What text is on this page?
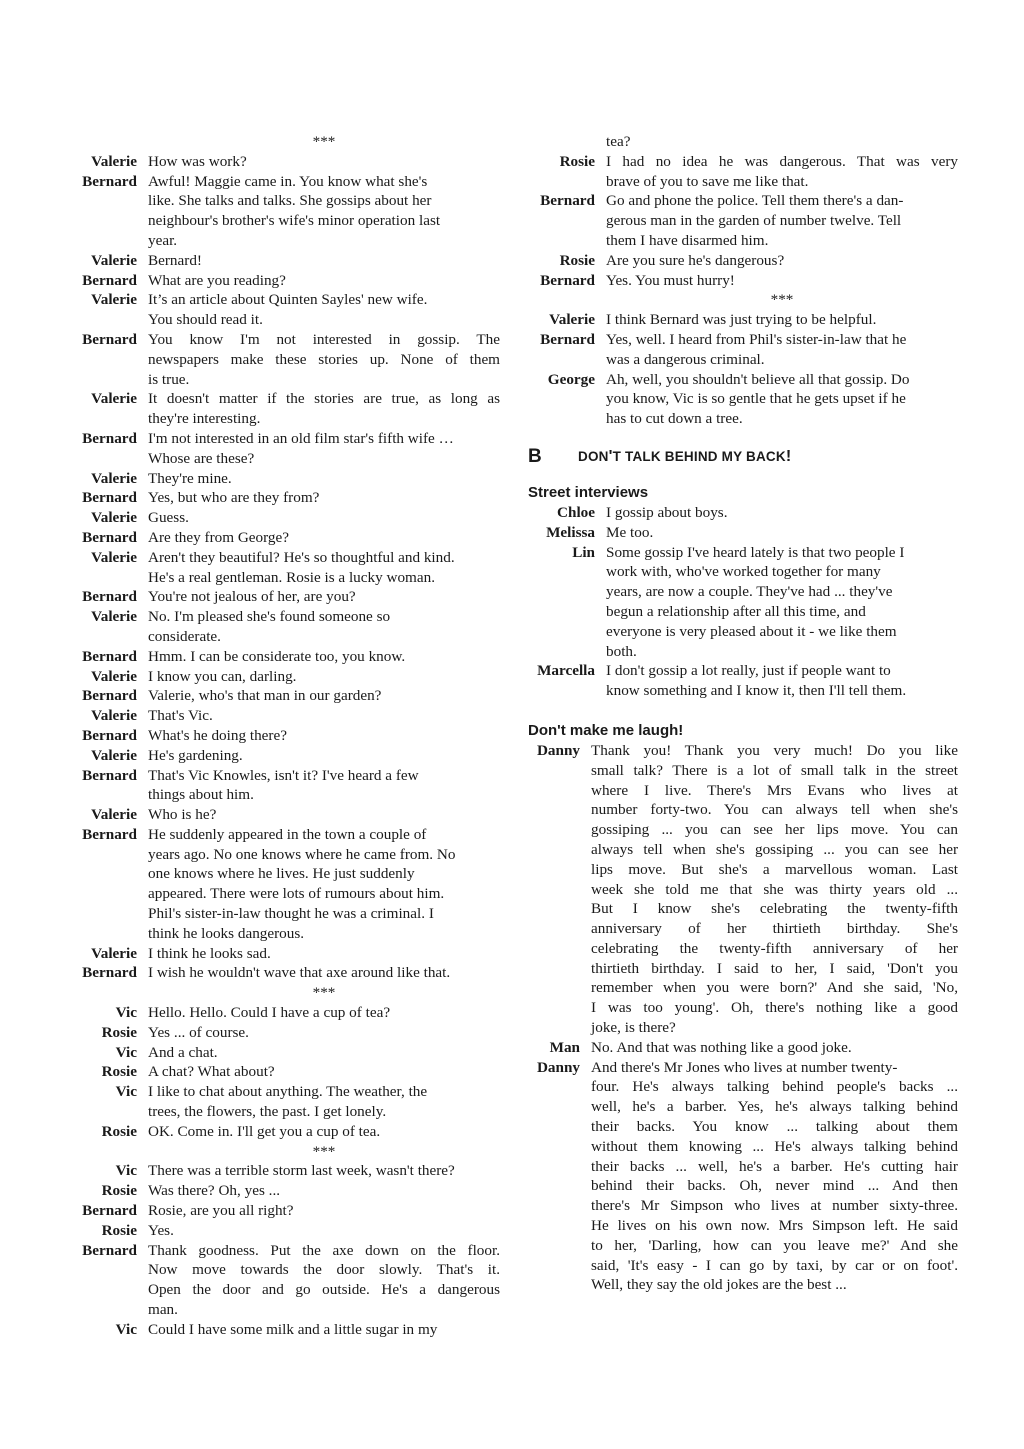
***
Valerie How was work?
Bernard Awful! Maggie came in. You know what she's
like. She talks and talks. She gossips about her
neighbour's brother's wife's minor operation last
year.
Valerie Bernard!
Bernard What are you reading?
Valerie It’s an article about Quinten Sayles' new wife.
You should read it.
Bernard You know I'm not interested in gossip. The
newspapers make these stories up. None of them
is true.
Valerie It doesn't matter if the stories are true, as long as
they're interesting.
Bernard I'm not interested in an old film star's fifth wife …
Whose are these?
Valerie They're mine.
Bernard Yes, but who are they from?
Valerie Guess.
Bernard Are they from George?
Valerie Aren't they beautiful? He's so thoughtful and kind.
He's a real gentleman. Rosie is a lucky woman.
Bernard You're not jealous of her, are you?
Valerie No. I'm pleased she's found someone so
considerate.
Bernard Hmm. I can be considerate too, you know.
Valerie I know you can, darling.
Bernard Valerie, who's that man in our garden?
Valerie That's Vic.
Bernard What's he doing there?
Valerie He's gardening.
Bernard That's Vic Knowles, isn't it? I've heard a few
things about him.
Valerie Who is he?
Bernard He suddenly appeared in the town a couple of
years ago. No one knows where he came from. No
one knows where he lives. He just suddenly
appeared. There were lots of rumours about him.
Phil's sister-in-law thought he was a criminal. I
think he looks dangerous.
Valerie I think he looks sad.
Bernard I wish he wouldn't wave that axe around like that.
***
Vic Hello. Hello. Could I have a cup of tea?
Rosie Yes ... of course.
Vic And a chat.
Rosie A chat? What about?
Vic I like to chat about anything. The weather, the
trees, the flowers, the past. I get lonely.
Rosie OK. Come in. I'll get you a cup of tea.
***
Vic There was a terrible storm last week, wasn't there?
Rosie Was there? Oh, yes ...
Bernard Rosie, are you all right?
Rosie Yes.
Bernard Thank goodness. Put the axe down on the floor.
Now move towards the door slowly. That's it.
Open the door and go outside. He's a dangerous
man.
Vic Could I have some milk and a little sugar in my
tea?
Rosie I had no idea he was dangerous. That was very
brave of you to save me like that.
Bernard Go and phone the police. Tell them there's a dan-
gerous man in the garden of number twelve. Tell
them I have disarmed him.
Rosie Are you sure he's dangerous?
Bernard Yes. You must hurry!
***
Valerie I think Bernard was just trying to be helpful.
Bernard Yes, well. I heard from Phil's sister-in-law that he
was a dangerous criminal.
George Ah, well, you shouldn't believe all that gossip. Do
you know, Vic is so gentle that he gets upset if he
has to cut down a tree.
B	DON'T TALK BEHIND MY BACK!
Street interviews
Chloe I gossip about boys.
Melissa Me too.
Lin Some gossip I've heard lately is that two people I
work with, who've worked together for many
years, are now a couple. They've had ... they've
begun a relationship after all this time, and
everyone is very pleased about it - we like them
both.
Marcella I don't gossip a lot really, just if people want to
know something and I know it, then I'll tell them.
Don't make me laugh!
Danny Thank you! Thank you very much! Do you like
small talk? There is a lot of small talk in the street
where I live. There's Mrs Evans who lives at
number forty-two. You can always tell when she's
gossiping ... you can see her lips move. You can
always tell when she's gossiping ... you can see her
lips move. But she's a marvellous woman. Last
week she told me that she was thirty years old ...
But I know she's celebrating the twenty-fifth
anniversary of her thirtieth birthday. She's
celebrating the twenty-fifth anniversary of her
thirtieth birthday. I said to her, I said, 'Don't you
remember when you were born?' And she said, 'No,
I was too young'. Oh, there's nothing like a good
joke, is there?
Man No. And that was nothing like a good joke.
Danny And there's Mr Jones who lives at number twenty-
four. He's always talking behind people's backs ...
well, he's a barber. Yes, he's always talking behind
their backs. You know ... talking about them
without them knowing ... He's always talking behind
their backs ... well, he's a barber. He's cutting hair
behind their backs. Oh, never mind ... And then
there's Mr Simpson who lives at number sixty-three.
He lives on his own now. Mrs Simpson left. He said
to her, 'Darling, how can you leave me?' And she
said, 'It's easy - I can go by taxi, by car or on foot'.
Well, they say the old jokes are the best ...
